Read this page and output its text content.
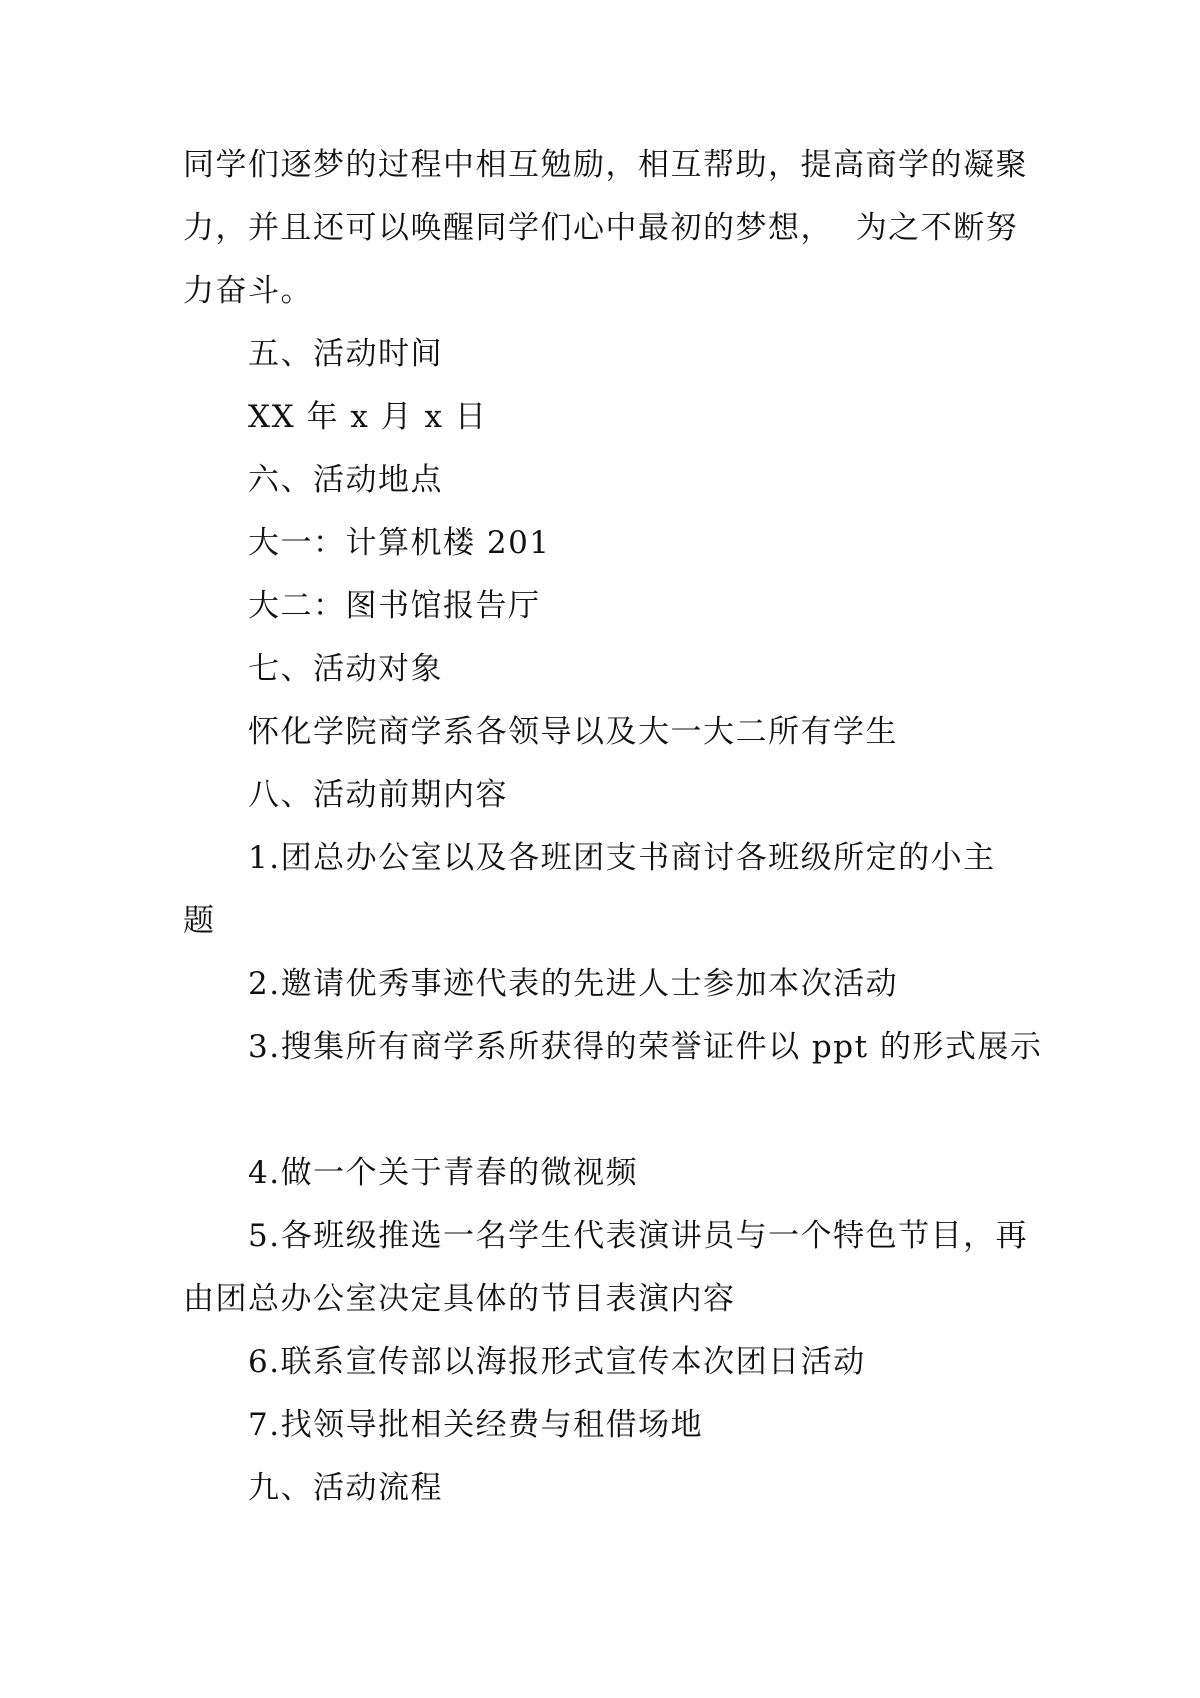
同学们逐梦的过程中相互勉励，相互帮助，提高商学的凝聚
力，并且还可以唤醒同学们心中最初的梦想，  为之不断努
力奋斗。
五、活动时间
XX 年 x 月 x 日
六、活动地点
大一：计算机楼 201
大二：图书馆报告厅
七、活动对象
怀化学院商学系各领导以及大一大二所有学生
八、活动前期内容
1.团总办公室以及各班团支书商讨各班级所定的小主
题
2.邀请优秀事迹代表的先进人士参加本次活动
3.搜集所有商学系所获得的荣誉证件以 ppt 的形式展示
4.做一个关于青春的微视频
5.各班级推选一名学生代表演讲员与一个特色节目，再
由团总办公室决定具体的节目表演内容
6.联系宣传部以海报形式宣传本次团日活动
7.找领导批相关经费与租借场地
九、活动流程
